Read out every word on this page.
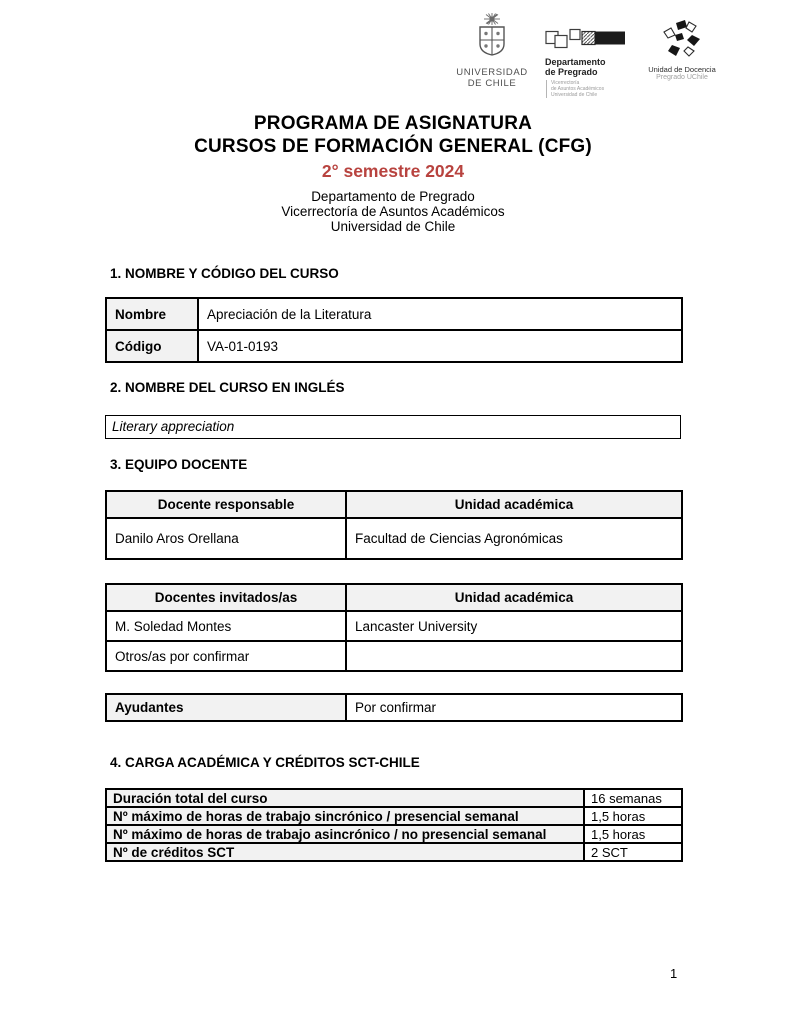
UNIVERSIDAD
DE CHILE
Departamento
de Pregrado
Vicerrectoría
de Asuntos Académicos
Universidad de Chile
Unidad de Docencia
Pregrado UChile
PROGRAMA DE ASIGNATURA
CURSOS DE FORMACIÓN GENERAL (CFG)
2° semestre 2024
Departamento de Pregrado
Vicerrectoría de Asuntos Académicos
Universidad de Chile
1. NOMBRE Y CÓDIGO DEL CURSO
Nombre	Apreciación de la Literatura
Código	VA-01-0193
2. NOMBRE DEL CURSO EN INGLÉS
Literary appreciation
3. EQUIPO DOCENTE
Docente responsable	Unidad académica
Danilo Aros Orellana	Facultad de Ciencias Agronómicas
Docentes invitados/as	Unidad académica
M. Soledad Montes	Lancaster University
Otros/as por confirmar	
Ayudantes	Por confirmar
4. CARGA ACADÉMICA Y CRÉDITOS SCT-CHILE
Duración total del curso	16 semanas
Nº máximo de horas de trabajo sincrónico / presencial semanal	1,5 horas
Nº máximo de horas de trabajo asincrónico / no presencial semanal	1,5 horas
Nº de créditos SCT	2 SCT
1
